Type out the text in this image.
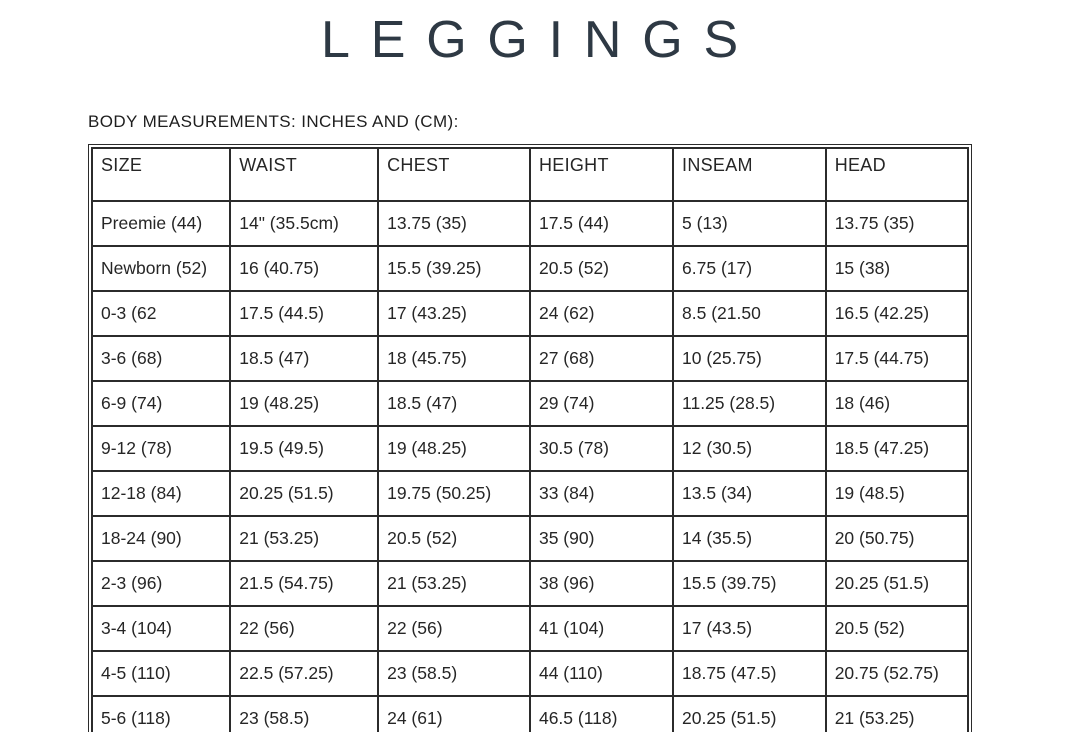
LEGGINGS

BODY MEASUREMENTS: INCHES AND (CM):

SIZE	WAIST	CHEST	HEIGHT	INSEAM	HEAD
Preemie (44)	14" (35.5cm)	13.75 (35)	17.5 (44)	5 (13)	13.75 (35)
Newborn (52)	16 (40.75)	15.5 (39.25)	20.5 (52)	6.75 (17)	15 (38)
0-3 (62	17.5 (44.5)	17 (43.25)	24 (62)	8.5 (21.50	16.5 (42.25)
3-6 (68)	18.5 (47)	18 (45.75)	27 (68)	10 (25.75)	17.5 (44.75)
6-9 (74)	19 (48.25)	18.5 (47)	29 (74)	11.25 (28.5)	18 (46)
9-12 (78)	19.5 (49.5)	19 (48.25)	30.5 (78)	12 (30.5)	18.5 (47.25)
12-18 (84)	20.25 (51.5)	19.75 (50.25)	33 (84)	13.5 (34)	19 (48.5)
18-24 (90)	21 (53.25)	20.5 (52)	35 (90)	14 (35.5)	20 (50.75)
2-3 (96)	21.5 (54.75)	21 (53.25)	38 (96)	15.5 (39.75)	20.25 (51.5)
3-4 (104)	22 (56)	22 (56)	41 (104)	17 (43.5)	20.5 (52)
4-5 (110)	22.5 (57.25)	23 (58.5)	44 (110)	18.75 (47.5)	20.75 (52.75)
5-6 (118)	23 (58.5)	24 (61)	46.5 (118)	20.25 (51.5)	21 (53.25)
